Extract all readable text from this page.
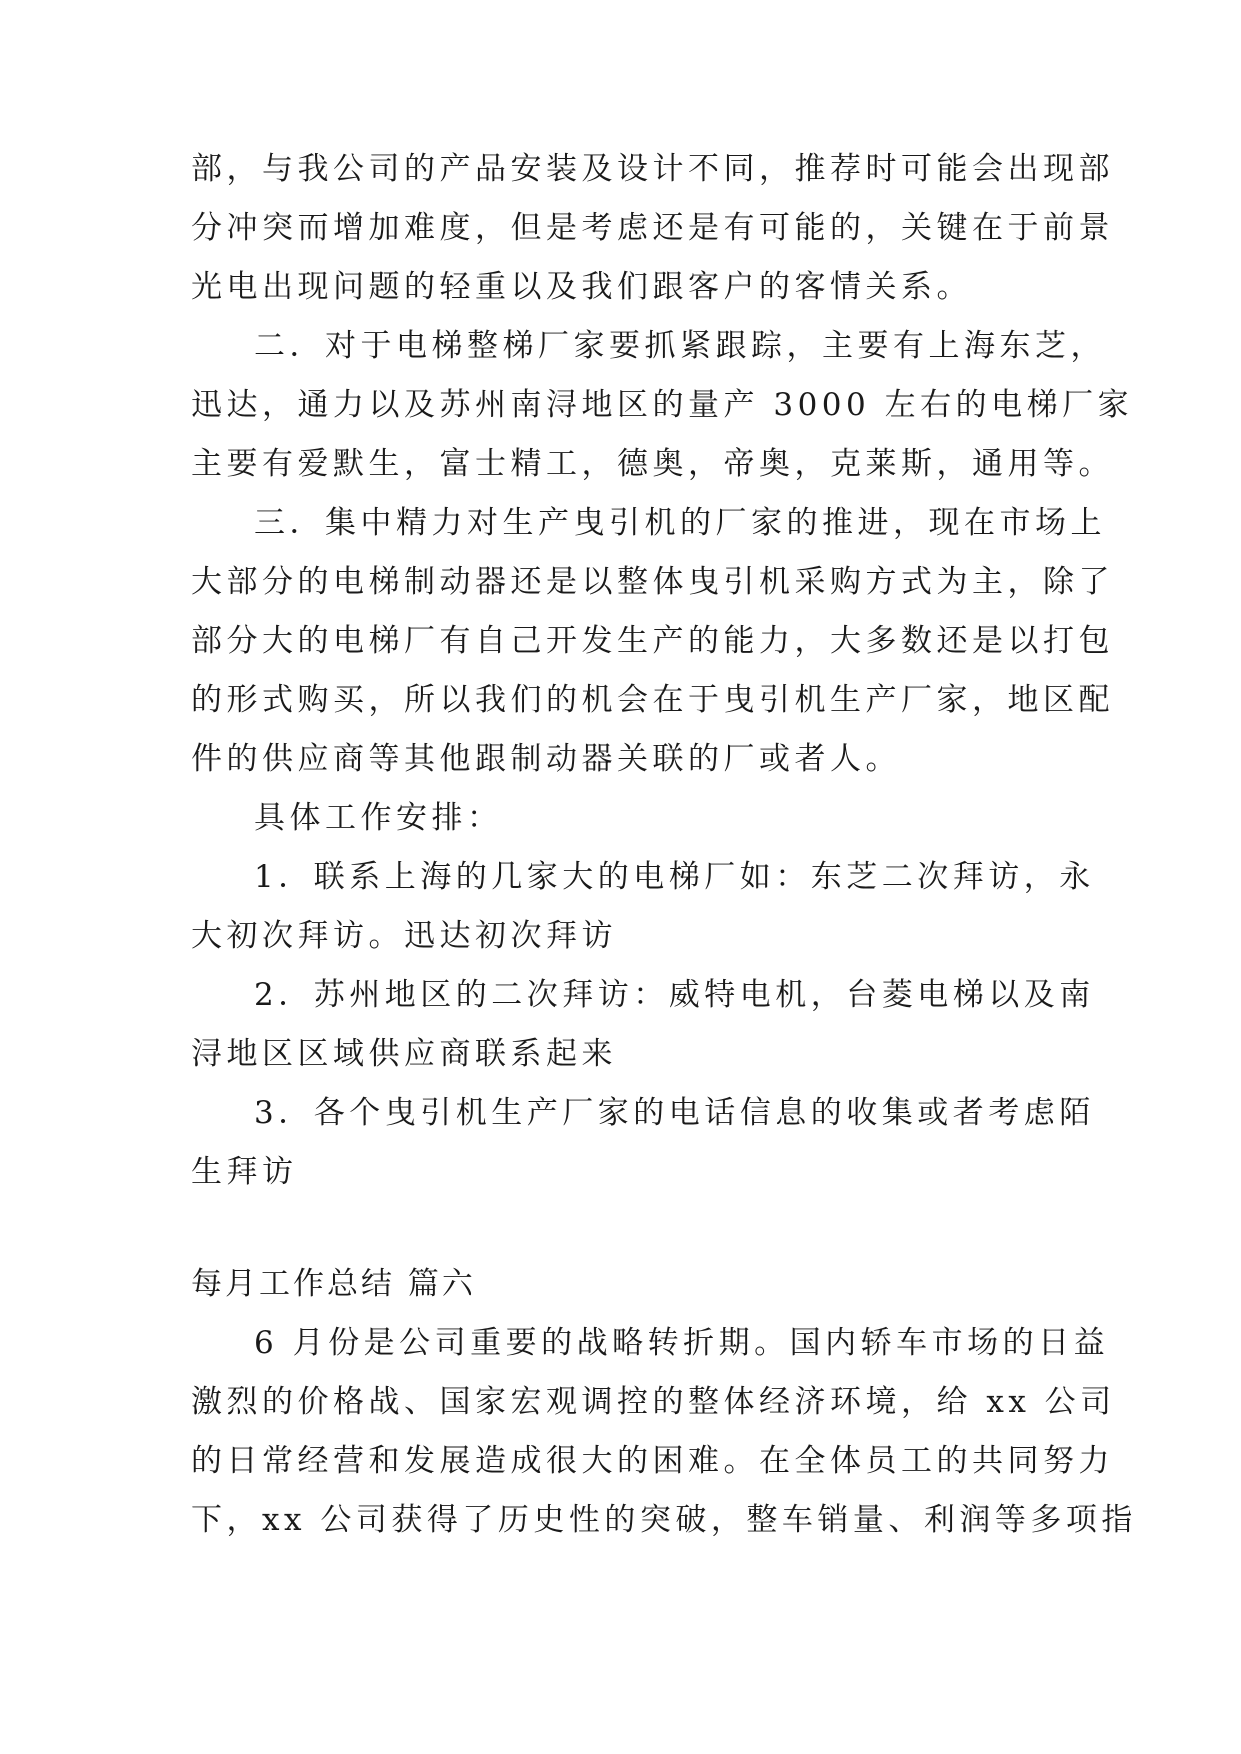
部，与我公司的产品安装及设计不同，推荐时可能会出现部
分冲突而增加难度，但是考虑还是有可能的，关键在于前景
光电出现问题的轻重以及我们跟客户的客情关系。
二．对于电梯整梯厂家要抓紧跟踪，主要有上海东芝，
迅达，通力以及苏州南浔地区的量产 3000 左右的电梯厂家
主要有爱默生，富士精工，德奥，帝奥，克莱斯，通用等。
三．集中精力对生产曳引机的厂家的推进，现在市场上
大部分的电梯制动器还是以整体曳引机采购方式为主，除了
部分大的电梯厂有自己开发生产的能力，大多数还是以打包
的形式购买，所以我们的机会在于曳引机生产厂家，地区配
件的供应商等其他跟制动器关联的厂或者人。
具体工作安排：
1．联系上海的几家大的电梯厂如：东芝二次拜访，永
大初次拜访。迅达初次拜访
2．苏州地区的二次拜访：威特电机，台菱电梯以及南
浔地区区域供应商联系起来
3．各个曳引机生产厂家的电话信息的收集或者考虑陌
生拜访
每月工作总结 篇六
6 月份是公司重要的战略转折期。国内轿车市场的日益
激烈的价格战、国家宏观调控的整体经济环境，给 xx 公司
的日常经营和发展造成很大的困难。在全体员工的共同努力
下，xx 公司获得了历史性的突破，整车销量、利润等多项指
